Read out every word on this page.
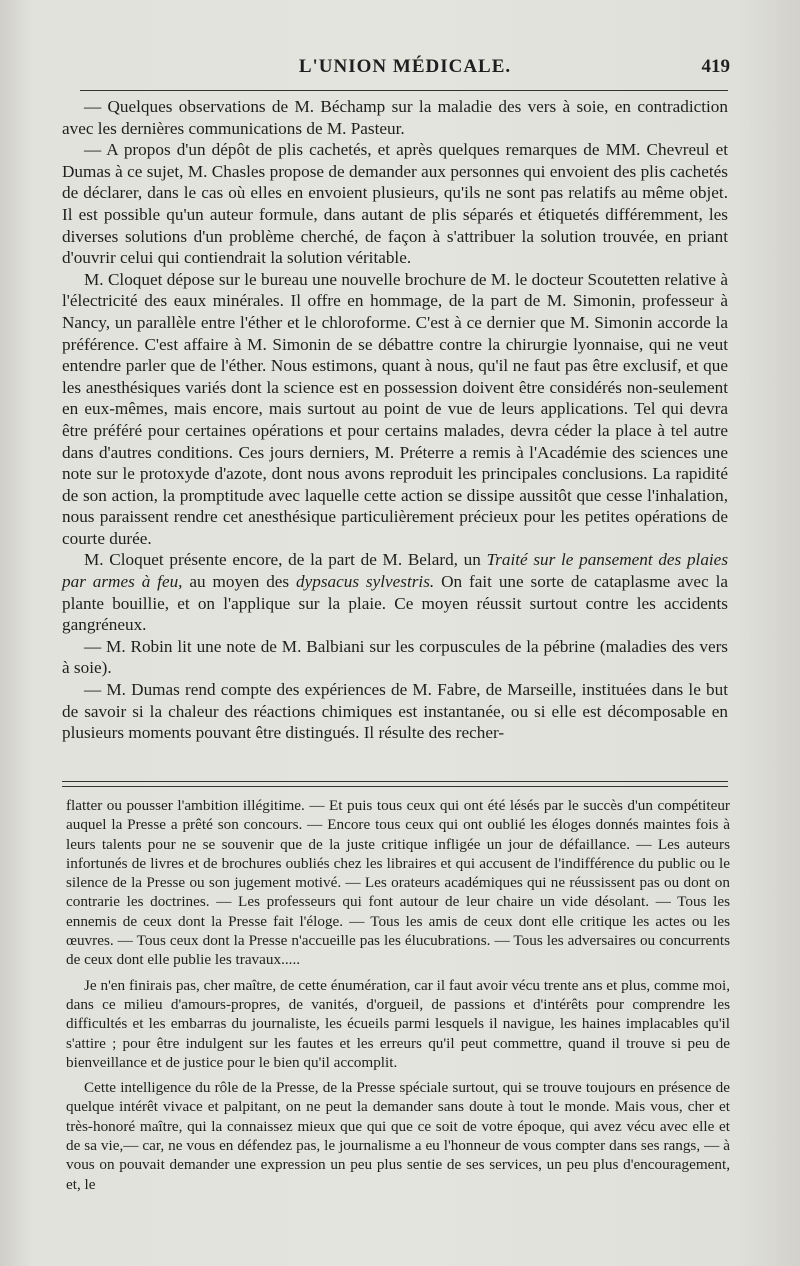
L'UNION MÉDICALE.	419

— Quelques observations de M. Béchamp sur la maladie des vers à soie, en contradiction avec les dernières communications de M. Pasteur.

— A propos d'un dépôt de plis cachetés, et après quelques remarques de MM. Chevreul et Dumas à ce sujet, M. Chasles propose de demander aux personnes qui envoient des plis cachetés de déclarer, dans le cas où elles en envoient plusieurs, qu'ils ne sont pas relatifs au même objet. Il est possible qu'un auteur formule, dans autant de plis séparés et étiquetés différemment, les diverses solutions d'un problème cherché, de façon à s'attribuer la solution trouvée, en priant d'ouvrir celui qui contiendrait la solution véritable.

M. Cloquet dépose sur le bureau une nouvelle brochure de M. le docteur Scoutetten relative à l'électricité des eaux minérales. Il offre en hommage, de la part de M. Simonin, professeur à Nancy, un parallèle entre l'éther et le chloroforme. C'est à ce dernier que M. Simonin accorde la préférence. C'est affaire à M. Simonin de se débattre contre la chirurgie lyonnaise, qui ne veut entendre parler que de l'éther. Nous estimons, quant à nous, qu'il ne faut pas être exclusif, et que les anesthésiques variés dont la science est en possession doivent être considérés non-seulement en eux-mêmes, mais encore, mais surtout au point de vue de leurs applications. Tel qui devra être préféré pour certaines opérations et pour certains malades, devra céder la place à tel autre dans d'autres conditions. Ces jours derniers, M. Préterre a remis à l'Académie des sciences une note sur le protoxyde d'azote, dont nous avons reproduit les principales conclusions. La rapidité de son action, la promptitude avec laquelle cette action se dissipe aussitôt que cesse l'inhalation, nous paraissent rendre cet anesthésique particulièrement précieux pour les petites opérations de courte durée.

M. Cloquet présente encore, de la part de M. Belard, un Traité sur le pansement des plaies par armes à feu, au moyen des dypsacus sylvestris. On fait une sorte de cataplasme avec la plante bouillie, et on l'applique sur la plaie. Ce moyen réussit surtout contre les accidents gangréneux.

— M. Robin lit une note de M. Balbiani sur les corpuscules de la pébrine (maladies des vers à soie).

— M. Dumas rend compte des expériences de M. Fabre, de Marseille, instituées dans le but de savoir si la chaleur des réactions chimiques est instantanée, ou si elle est décomposable en plusieurs moments pouvant être distingués. Il résulte des recher-

flatter ou pousser l'ambition illégitime. — Et puis tous ceux qui ont été lésés par le succès d'un compétiteur auquel la Presse a prêté son concours. — Encore tous ceux qui ont oublié les éloges donnés maintes fois à leurs talents pour ne se souvenir que de la juste critique infligée un jour de défaillance. — Les auteurs infortunés de livres et de brochures oubliés chez les libraires et qui accusent de l'indifférence du public ou le silence de la Presse ou son jugement motivé. — Les orateurs académiques qui ne réussissent pas ou dont on contrarie les doctrines. — Les professeurs qui font autour de leur chaire un vide désolant. — Tous les ennemis de ceux dont la Presse fait l'éloge. — Tous les amis de ceux dont elle critique les actes ou les œuvres. — Tous ceux dont la Presse n'accueille pas les élucubrations. — Tous les adversaires ou concurrents de ceux dont elle publie les travaux.....

Je n'en finirais pas, cher maître, de cette énumération, car il faut avoir vécu trente ans et plus, comme moi, dans ce milieu d'amours-propres, de vanités, d'orgueil, de passions et d'intérêts pour comprendre les difficultés et les embarras du journaliste, les écueils parmi lesquels il navigue, les haines implacables qu'il s'attire ; pour être indulgent sur les fautes et les erreurs qu'il peut commettre, quand il trouve si peu de bienveillance et de justice pour le bien qu'il accomplit.

Cette intelligence du rôle de la Presse, de la Presse spéciale surtout, qui se trouve toujours en présence de quelque intérêt vivace et palpitant, on ne peut la demander sans doute à tout le monde. Mais vous, cher et très-honoré maître, qui la connaissez mieux que qui que ce soit de votre époque, qui avez vécu avec elle et de sa vie,— car, ne vous en défendez pas, le journalisme a eu l'honneur de vous compter dans ses rangs, — à vous on pouvait demander une expression un peu plus sentie de ses services, un peu plus d'encouragement, et, le
